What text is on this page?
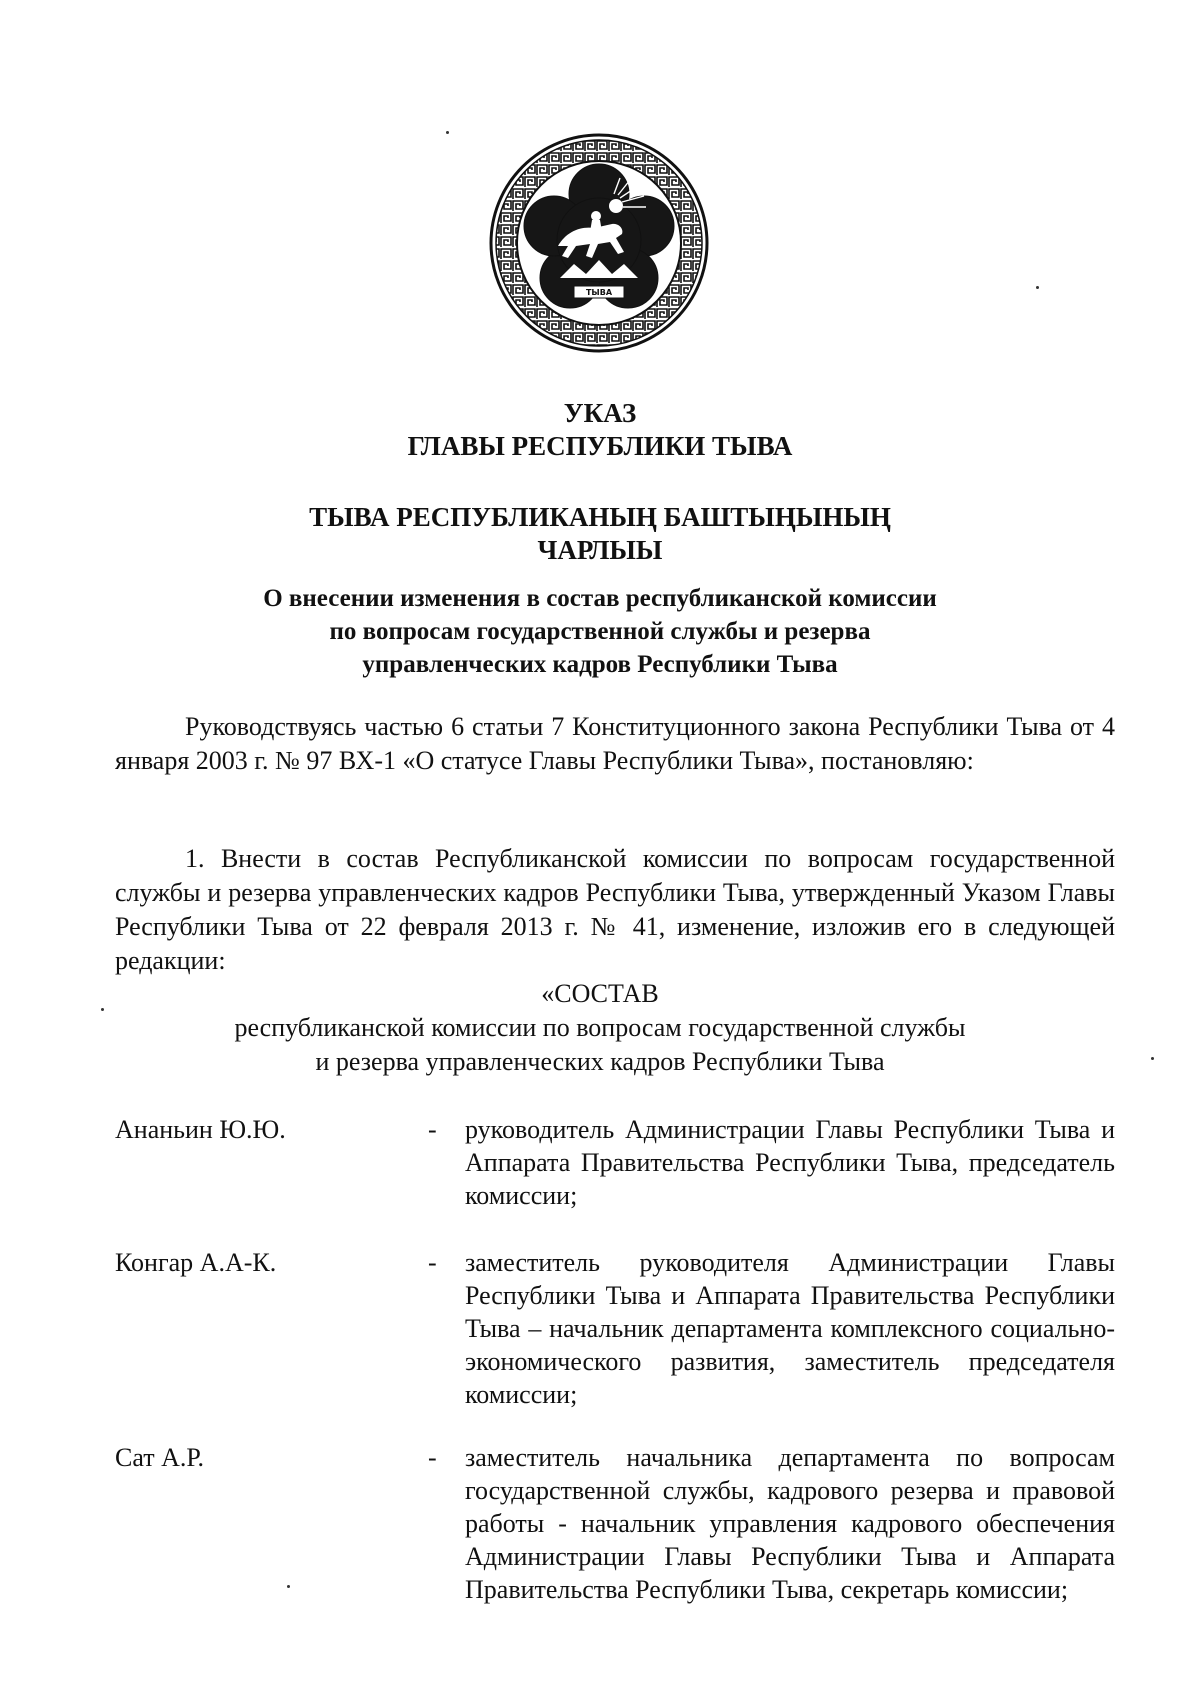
ТЫВА
УКАЗ
ГЛАВЫ РЕСПУБЛИКИ ТЫВА
ТЫВА РЕСПУБЛИКАНЫҢ БАШТЫҢЫНЫҢ
ЧАРЛЫЫ
О внесении изменения в состав республиканской комиссии
по вопросам государственной службы и резерва
управленческих кадров Республики Тыва
Руководствуясь частью 6 статьи 7 Конституционного закона Республики Тыва от 4 января 2003 г. № 97 ВХ-1 «О статусе Главы Республики Тыва», постановляю:
1. Внести в состав Республиканской комиссии по вопросам государственной службы и резерва управленческих кадров Республики Тыва, утвержденный Указом Главы Республики Тыва от 22 февраля 2013 г. № 41, изменение, изложив его в следующей редакции:
«СОСТАВ
республиканской комиссии по вопросам государственной службы
и резерва управленческих кадров Республики Тыва
Ананьин Ю.Ю.	- руководитель Администрации Главы Республики Тыва и Аппарата Правительства Республики Тыва, председатель комиссии;
Конгар А.А-К.	- заместитель руководителя Администрации Главы Республики Тыва и Аппарата Правительства Республики Тыва – начальник департамента комплексного социально-экономического развития, заместитель председателя комиссии;
Сат А.Р.	- заместитель начальника департамента по вопросам государственной службы, кадрового резерва и правовой работы - начальник управления кадрового обеспечения Администрации Главы Республики Тыва и Аппарата Правительства Республики Тыва, секретарь комиссии;
